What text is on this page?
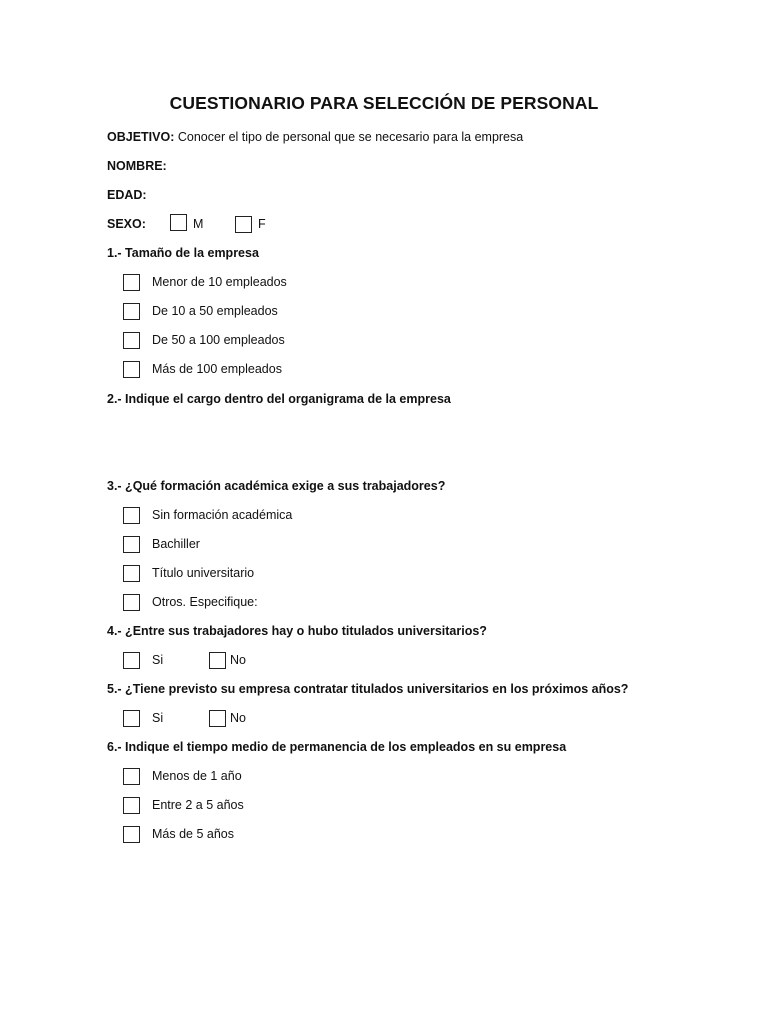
CUESTIONARIO PARA SELECCIÓN DE PERSONAL
OBJETIVO: Conocer el tipo de personal que se necesario para la empresa
NOMBRE:
EDAD:
SEXO:	M	F
1.- Tamaño de la empresa
Menor de 10 empleados
De 10 a 50 empleados
De 50 a 100 empleados
Más de 100 empleados
2.- Indique el cargo dentro del organigrama de la empresa
3.- ¿Qué formación académica exige a sus trabajadores?
Sin formación académica
Bachiller
Título universitario
Otros. Especifique:
4.- ¿Entre sus trabajadores hay o hubo titulados universitarios?
Si	No
5.- ¿Tiene previsto su empresa contratar titulados universitarios en los próximos años?
Si	No
6.- Indique el tiempo medio de permanencia de los empleados en su empresa
Menos de 1 año
Entre 2 a 5 años
Más de 5 años
